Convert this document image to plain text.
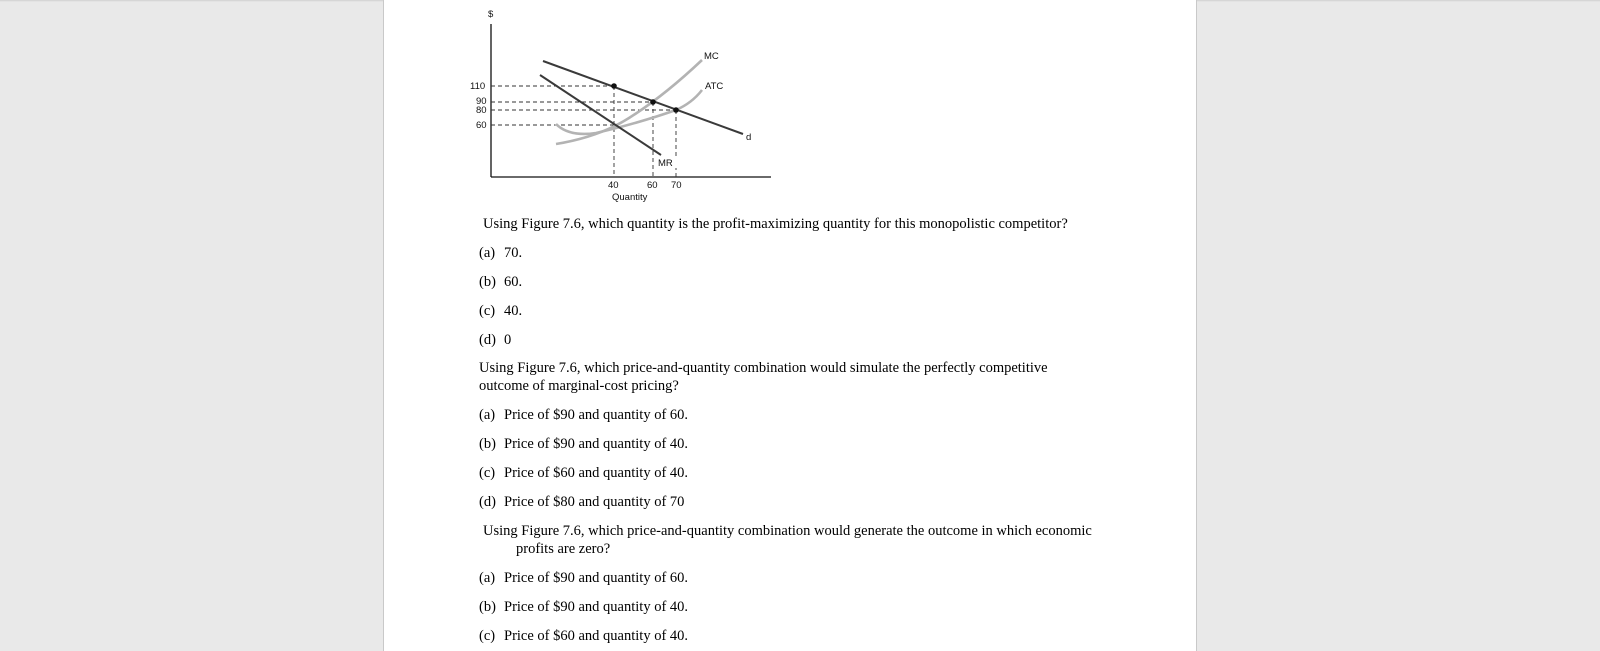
$
110
90
80
60
40	60 70
Quantity
MC
ATC
d
MR
Using Figure 7.6, which quantity is the profit-maximizing quantity for this monopolistic competitor?
(a) 70.
(b) 60.
(c) 40.
(d) 0
Using Figure 7.6, which price-and-quantity combination would simulate the perfectly competitive
outcome of marginal-cost pricing?
(a) Price of $90 and quantity of 60.
(b) Price of $90 and quantity of 40.
(c) Price of $60 and quantity of 40.
(d) Price of $80 and quantity of 70
Using Figure 7.6, which price-and-quantity combination would generate the outcome in which economic
profits are zero?
(a) Price of $90 and quantity of 60.
(b) Price of $90 and quantity of 40.
(c) Price of $60 and quantity of 40.
